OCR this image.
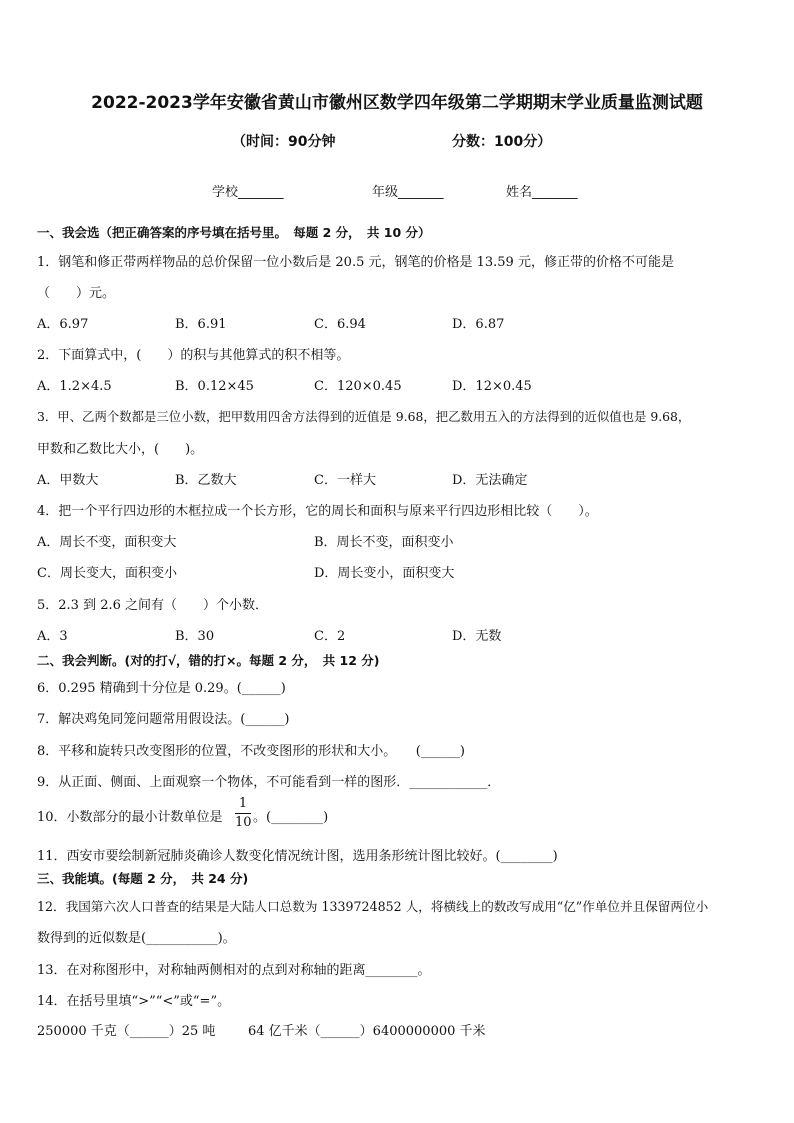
2022-2023学年安徽省黄山市徽州区数学四年级第二学期期末学业质量监测试题
（时间：90分钟	分数：100分）
学校_______	年级_______	姓名_______
一、我会选（把正确答案的序号填在括号里。　每题 2 分，　共 10 分）
1．钢笔和修正带两样物品的总价保留一位小数后是 20.5 元，钢笔的价格是 13.59 元，修正带的价格不可能是
（　　）元。
A．6.97	B．6.91	C．6.94	D．6.87
2．下面算式中，(　　）的积与其他算式的积不相等。
A．1.2×4.5	B．0.12×45	C．120×0.45	D．12×0.45
3．甲、乙两个数都是三位小数，把甲数用四舍方法得到的近值是 9.68，把乙数用五入的方法得到的近似值也是 9.68，
甲数和乙数比大小，(　　)。
A．甲数大	B．乙数大	C．一样大	D．无法确定
4．把一个平行四边形的木框拉成一个长方形，它的周长和面积与原来平行四边形相比较（　　）。
A．周长不变，面积变大	B．周长不变，面积变小
C．周长变大，面积变小	D．周长变小，面积变大
5．2.3 到 2.6 之间有（　　）个小数．
A．3	B．30	C．2	D．无数
二、我会判断。(对的打√，错的打×。每题 2 分，　共 12 分)
6．0.295 精确到十分位是 0.29。(______)
7．解决鸡兔同笼问题常用假设法。(______)
8．平移和旋转只改变图形的位置，不改变图形的形状和大小。　　(______)
9．从正面、侧面、上面观察一个物体，不可能看到一样的图形．____________．
10．小数部分的最小计数单位是 $\frac{1}{10}$ 。(________)
11．西安市要绘制新冠肺炎确诊人数变化情况统计图，选用条形统计图比较好。(________)
三、我能填。(每题 2 分，　共 24 分)
12．我国第六次人口普查的结果是大陆人口总数为 1339724852 人，将横线上的数改写成用“亿”作单位并且保留两位小
数得到的近似数是(___________)。
13．在对称图形中，对称轴两侧相对的点到对称轴的距离________。
14．在括号里填“>”“<”或“=”。
250000 千克（______）25 吨	64 亿千米（______）6400000000 千米
